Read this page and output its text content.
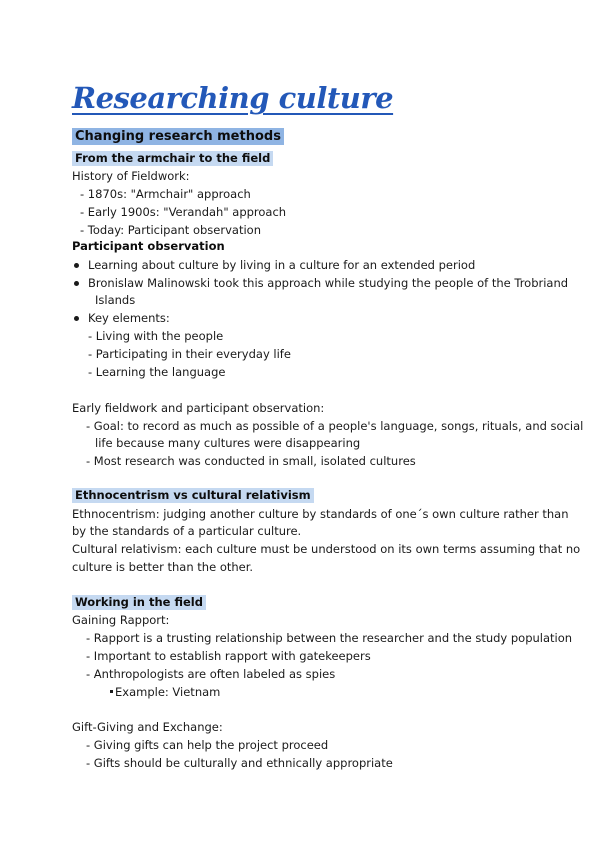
Researching culture
Changing research methods
From the armchair to the field
History of Fieldwork:
- 1870s: "Armchair" approach
- Early 1900s: "Verandah" approach
- Today: Participant observation
Participant observation
Learning about culture by living in a culture for an extended period
Bronislaw Malinowski took this approach while studying the people of the Trobriand
Islands
Key elements:
- Living with the people
- Participating in their everyday life
- Learning the language
Early fieldwork and participant observation:
- Goal: to record as much as possible of a people's language, songs, rituals, and social
life because many cultures were disappearing
- Most research was conducted in small, isolated cultures
Ethnocentrism vs cultural relativism
Ethnocentrism: judging another culture by standards of one´s own culture rather than
by the standards of a particular culture.
Cultural relativism: each culture must be understood on its own terms assuming that no
culture is better than the other.
Working in the field
Gaining Rapport:
- Rapport is a trusting relationship between the researcher and the study population
- Important to establish rapport with gatekeepers
- Anthropologists are often labeled as spies
Example: Vietnam
Gift-Giving and Exchange:
- Giving gifts can help the project proceed
- Gifts should be culturally and ethnically appropriate
